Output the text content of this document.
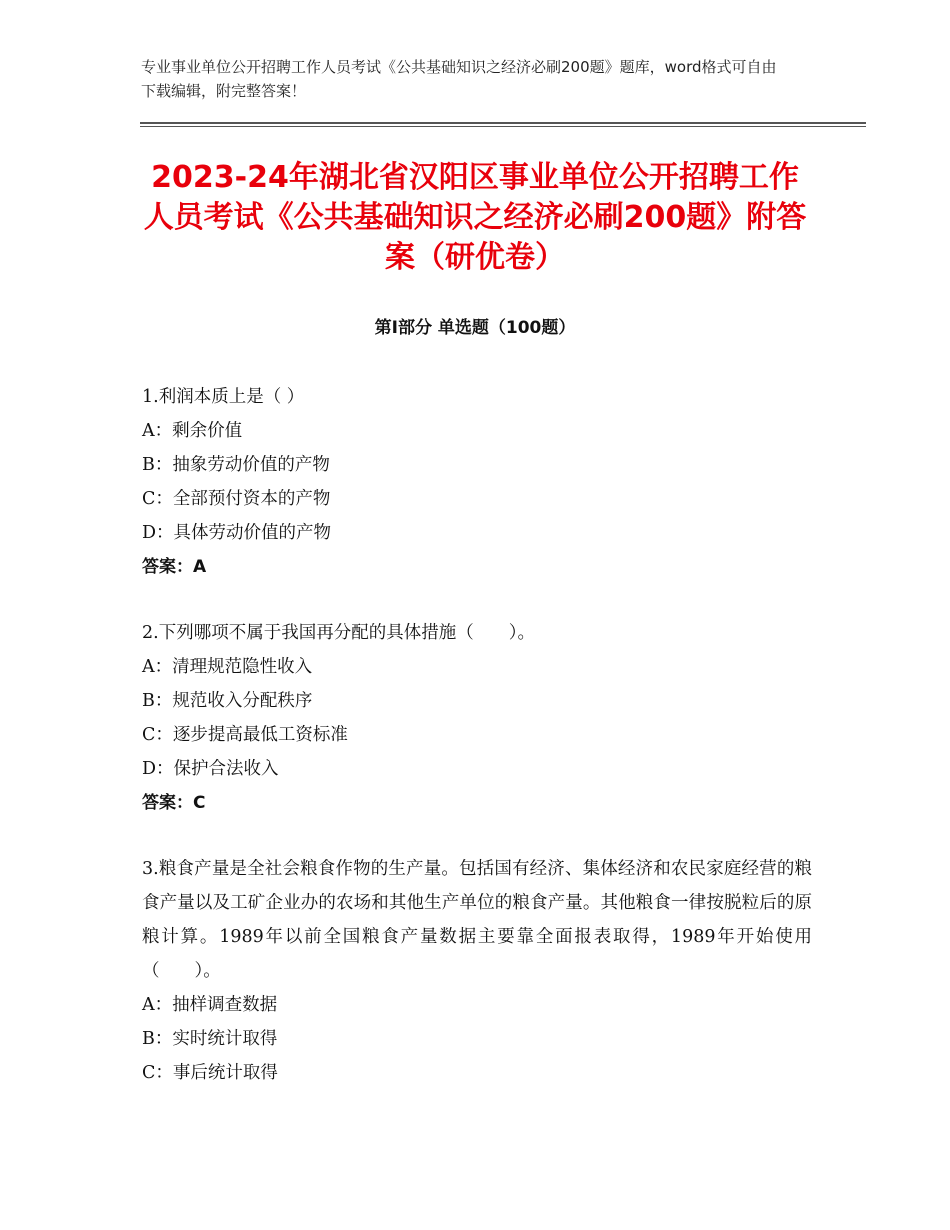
专业事业单位公开招聘工作人员考试《公共基础知识之经济必刷200题》题库，word格式可自由下载编辑，附完整答案！
2023-24年湖北省汉阳区事业单位公开招聘工作人员考试《公共基础知识之经济必刷200题》附答案（研优卷）
第I部分 单选题（100题）
1.利润本质上是（ ）
A：剩余价值
B：抽象劳动价值的产物
C：全部预付资本的产物
D：具体劳动价值的产物
答案：A
2.下列哪项不属于我国再分配的具体措施（　　）。
A：清理规范隐性收入
B：规范收入分配秩序
C：逐步提高最低工资标准
D：保护合法收入
答案：C
3.粮食产量是全社会粮食作物的生产量。包括国有经济、集体经济和农民家庭经营的粮食产量以及工矿企业办的农场和其他生产单位的粮食产量。其他粮食一律按脱粒后的原粮计算。1989年以前全国粮食产量数据主要靠全面报表取得，1989年开始使用（　　）。
A：抽样调查数据
B：实时统计取得
C：事后统计取得
